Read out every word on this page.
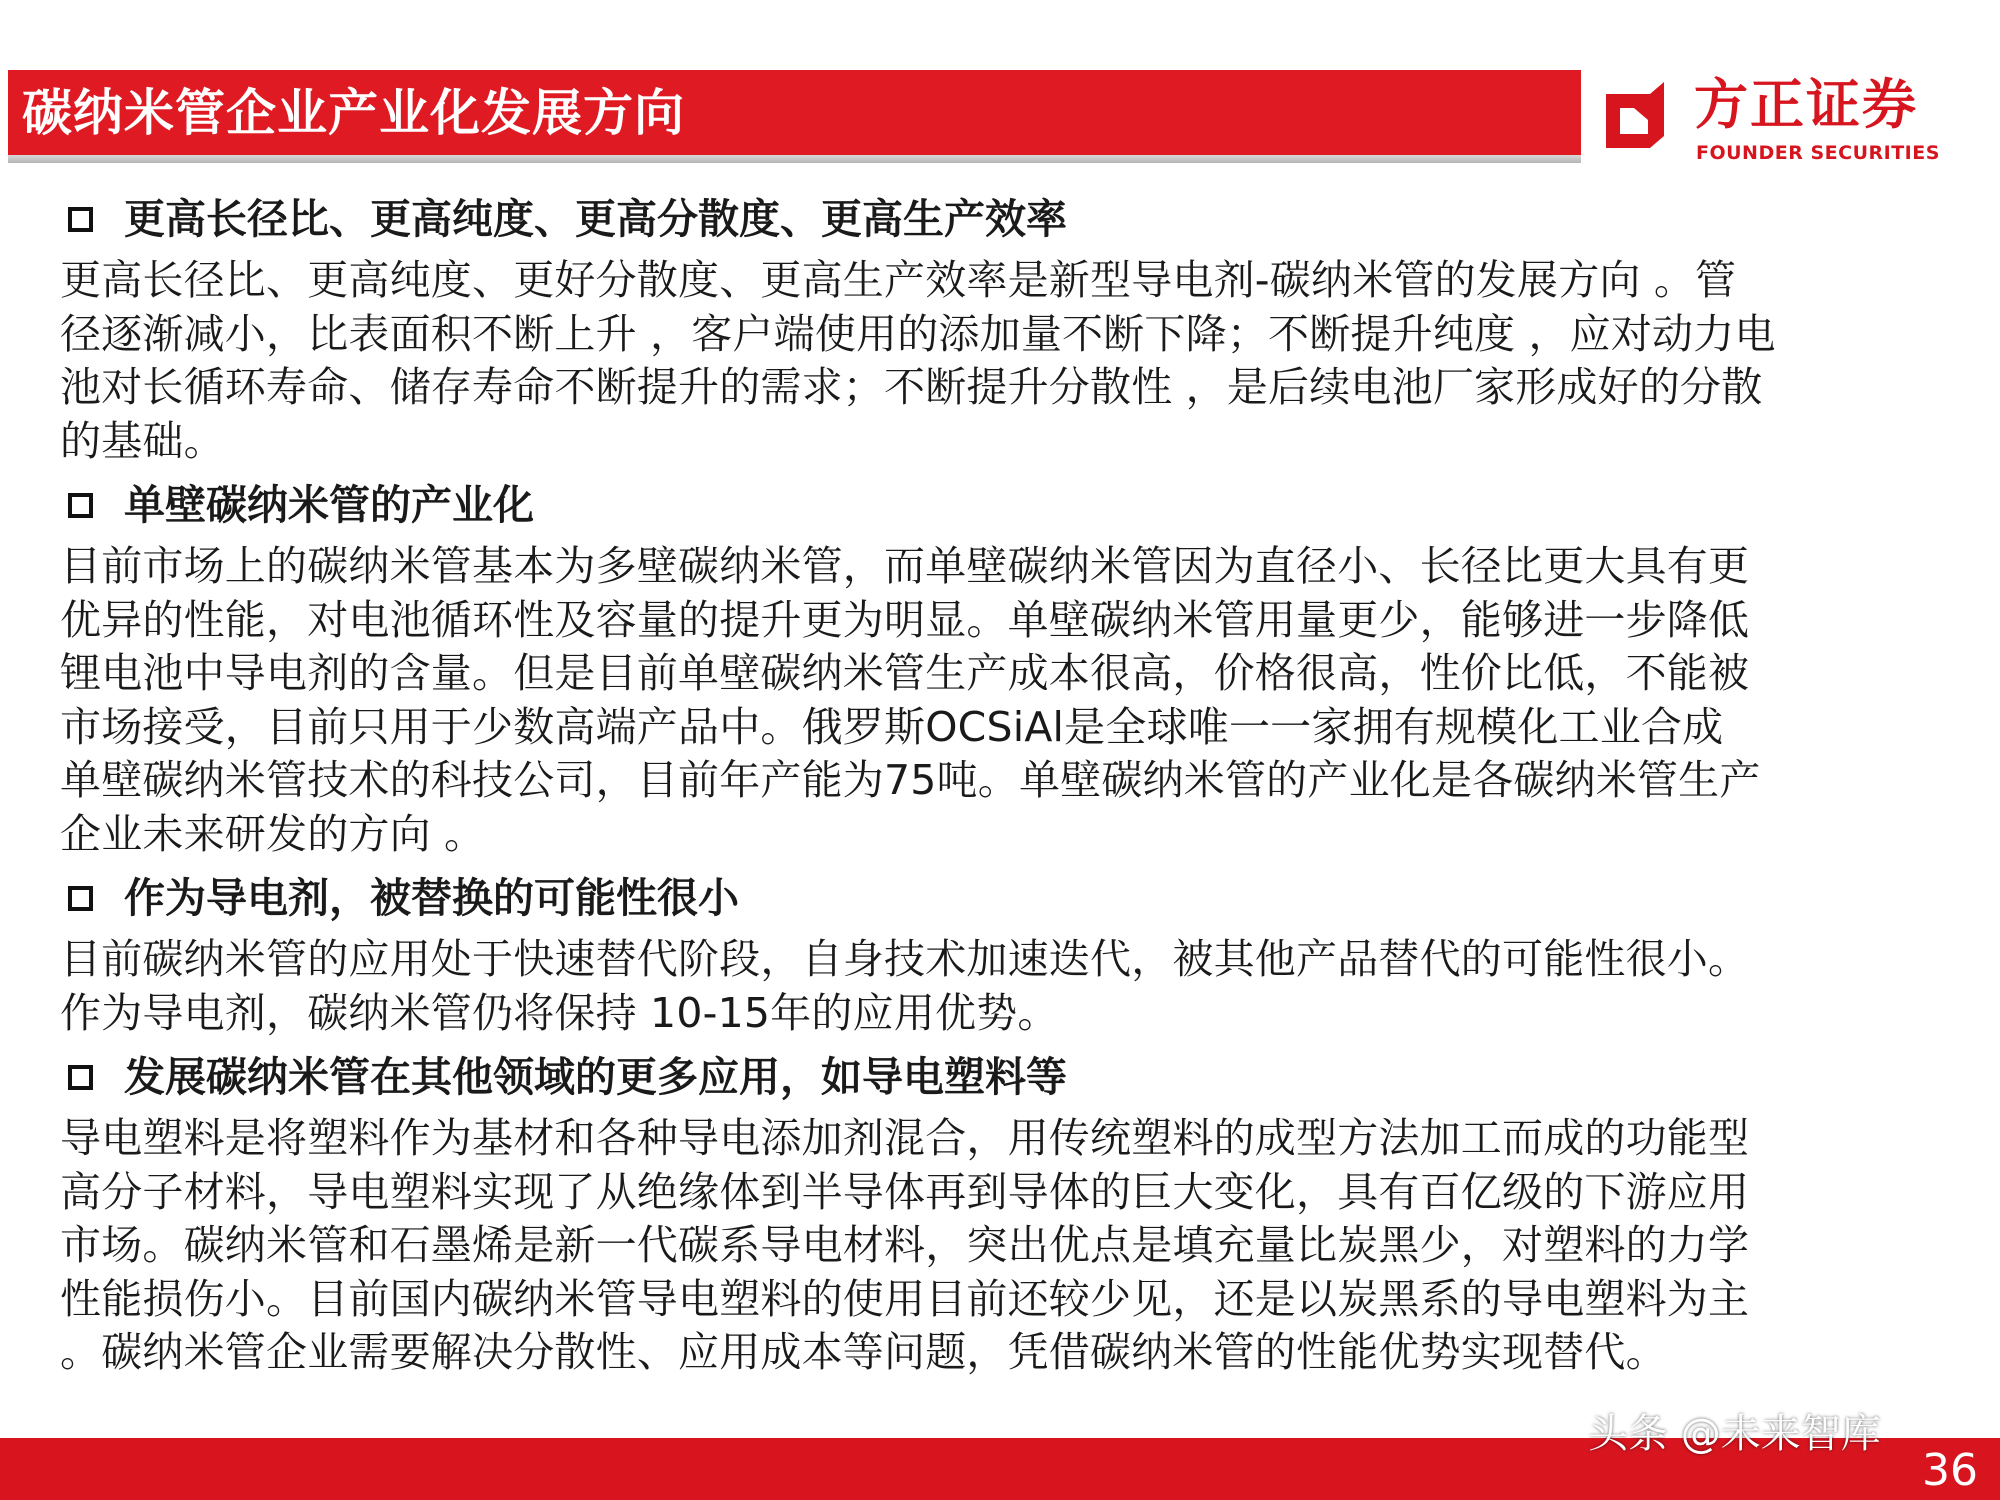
碳纳米管企业产业化发展方向	方正证券
FOUNDER SECURITIES
更高长径比、更高纯度、更高分散度、更高生产效率
更高长径比、更高纯度、更好分散度、更高生产效率是新型导电剂-碳纳米管的发展方向 。管
径逐渐减小，比表面积不断上升 ，客户端使用的添加量不断下降；不断提升纯度 ，应对动力电
池对长循环寿命、储存寿命不断提升的需求；不断提升分散性 ，是后续电池厂家形成好的分散
的基础。
单壁碳纳米管的产业化
目前市场上的碳纳米管基本为多壁碳纳米管，而单壁碳纳米管因为直径小、长径比更大具有更
优异的性能，对电池循环性及容量的提升更为明显。单壁碳纳米管用量更少，能够进一步降低
锂电池中导电剂的含量。但是目前单壁碳纳米管生产成本很高，价格很高，性价比低，不能被
市场接受，目前只用于少数高端产品中。俄罗斯OCSiAl是全球唯一一家拥有规模化工业合成
单壁碳纳米管技术的科技公司，目前年产能为75吨。单壁碳纳米管的产业化是各碳纳米管生产
企业未来研发的方向 。
作为导电剂，被替换的可能性很小
目前碳纳米管的应用处于快速替代阶段，自身技术加速迭代，被其他产品替代的可能性很小。
作为导电剂，碳纳米管仍将保持 10-15年的应用优势。
发展碳纳米管在其他领域的更多应用，如导电塑料等
导电塑料是将塑料作为基材和各种导电添加剂混合，用传统塑料的成型方法加工而成的功能型
高分子材料，导电塑料实现了从绝缘体到半导体再到导体的巨大变化，具有百亿级的下游应用
市场。碳纳米管和石墨烯是新一代碳系导电材料，突出优点是填充量比炭黑少，对塑料的力学
性能损伤小。目前国内碳纳米管导电塑料的使用目前还较少见，还是以炭黑系的导电塑料为主
。碳纳米管企业需要解决分散性、应用成本等问题，凭借碳纳米管的性能优势实现替代。
头条 @未来智库
36
